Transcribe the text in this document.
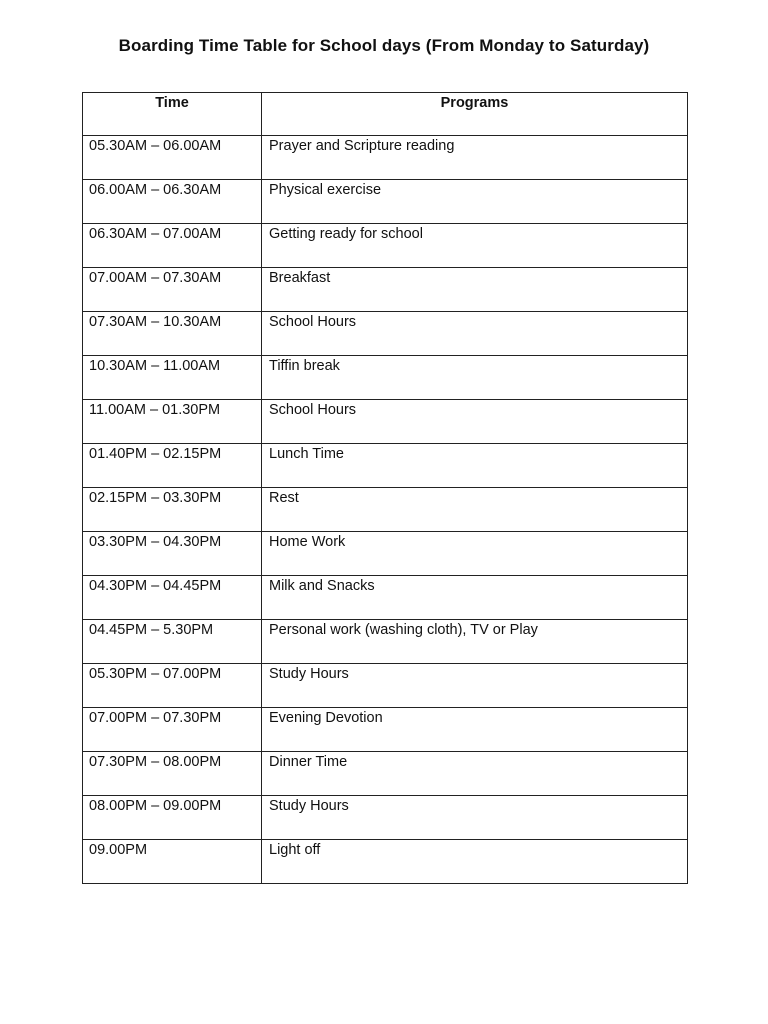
Boarding Time Table for School days (From Monday to Saturday)
Time	Programs
05.30AM – 06.00AM	Prayer and Scripture reading
06.00AM – 06.30AM	Physical exercise
06.30AM – 07.00AM	Getting ready for school
07.00AM – 07.30AM	Breakfast
07.30AM – 10.30AM	School Hours
10.30AM – 11.00AM	Tiffin break
11.00AM – 01.30PM	School Hours
01.40PM – 02.15PM	Lunch Time
02.15PM – 03.30PM	Rest
03.30PM – 04.30PM	Home Work
04.30PM – 04.45PM	Milk and Snacks
04.45PM – 5.30PM	Personal work (washing cloth), TV or Play
05.30PM – 07.00PM	Study Hours
07.00PM – 07.30PM	Evening Devotion
07.30PM – 08.00PM	Dinner Time
08.00PM – 09.00PM	Study Hours
09.00PM	Light off
